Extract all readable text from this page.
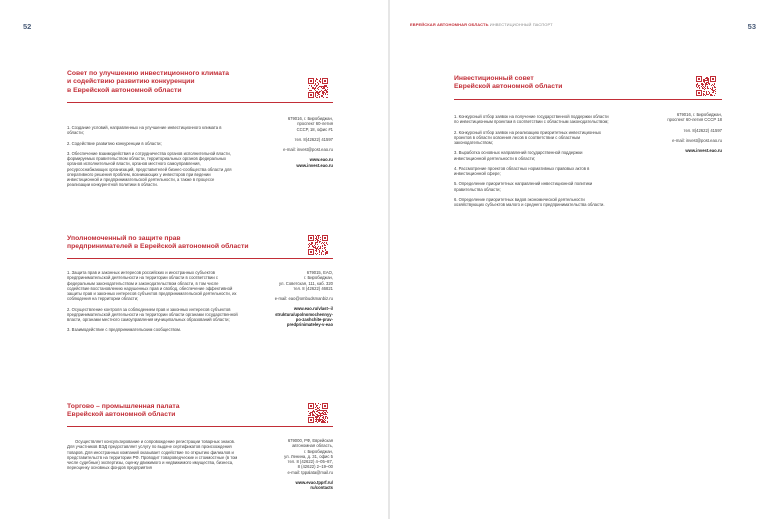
52
Совет по улучшению инвестиционного климата
и содействию развитию конкуренции
в Еврейской автономной области

1. Создание условий, направленных на улучшение инвестиционного климата в области;

2. Содействие развитию конкуренции в области;

3. Обеспечение взаимодействия и сотрудничества органов исполнительной власти, формируемых правительством области, территориальных органов федеральных органов исполнительной власти, органов местного самоуправления, ресурсоснабжающих организаций, представителей бизнес-сообщества области для оперативного решения проблем, возникающих у инвесторов при ведении инвестиционной и предпринимательской деятельности, а также в процессе реализации конкурентной политики в области.

679016, г. Биробиджан,
проспект 60-летия
СССР, 18, офис #1
тел. 8(42622) 41597
e-mail: invest@post.eao.ru
www.eao.ru
www.invest.eao.ru
Уполномоченный по защите прав
предпринимателей в Еврейской автономной области

1. Защита прав и законных интересов российских и иностранных субъектов предпринимательской деятельности на территории области в соответствии с федеральным законодательством и законодательством области, в том числе содействие восстановлению нарушенных прав и свобод, обеспечение эффективной защиты прав и законных интересов субъектов предпринимательской деятельности, их соблюдения на территории области;

2. Осуществление контроля за соблюдением прав и законных интересов субъектов предпринимательской деятельности на территории области органами государственной власти, органами местного самоуправления муниципальных образований области;

3. Взаимодействие с предпринимательским сообществом.

679015, ЕАО,
г. Биробиджан,
ул. Советская, 111, каб. 320
тел. 8 (42622) 46821
e-mail: eao@ombudsmanbiz.ru
www.eao.ru/vlast--i/
struktura/upolnomochennyy-
po-zashchite-prav-
predprinimateley-v-eao
Торгово – промышленная палата
Еврейской автономной области

Осуществляет консультирование и сопровождение регистрации товарных знаков. Для участников ВЭД предоставляет услугу по выдаче сертификатов происхождения товаров. Для иностранных компаний оказывает содействие по открытию филиалов и представительств на территории РФ. Проводит товароведческие и стоимостные (в том числе судебные) экспертизы, оценку движимого и недвижимого имущества, бизнеса, переоценку основных фондов предприятия

679000, РФ, Еврейская
автономная область,
г. Биробиджан,
ул. Ленина, д. 31, офис 5
тел. 8 (42622) 4–05–87,
8 (42622) 2–19–00
e-mail: tppalata@mail.ru
www.evao.tpprf.ru/
ru/contacts
ЕВРЕЙСКАЯ АВТОНОМНАЯ ОБЛАСТЬ ИНВЕСТИЦИОННЫЙ ПАСПОРТ	53
Инвестиционный совет
Еврейской автономной области

1. Конкурсный отбор заявок на получение государственной поддержки области по инвестиционным проектам в соответствии с областным законодательством;

2. Конкурсный отбор заявок на реализацию приоритетных инвестиционных проектов в области освоения лесов в соответствии с областным законодательством;

3. Выработка основных направлений государственной поддержки инвестиционной деятельности в области;

4. Рассмотрение проектов областных нормативных правовых актов в инвестиционной сфере;

5. Определение приоритетных направлений инвестиционной политики правительства области;

6. Определение приоритетных видов экономической деятельности хозяйствующих субъектов малого и среднего предпринимательства области.

679016, г. Биробиджан,
проспект 60-летия СССР 18
тел. 8(42622) 41597
e-mail: invest@post.eao.ru
www.invest.eao.ru
